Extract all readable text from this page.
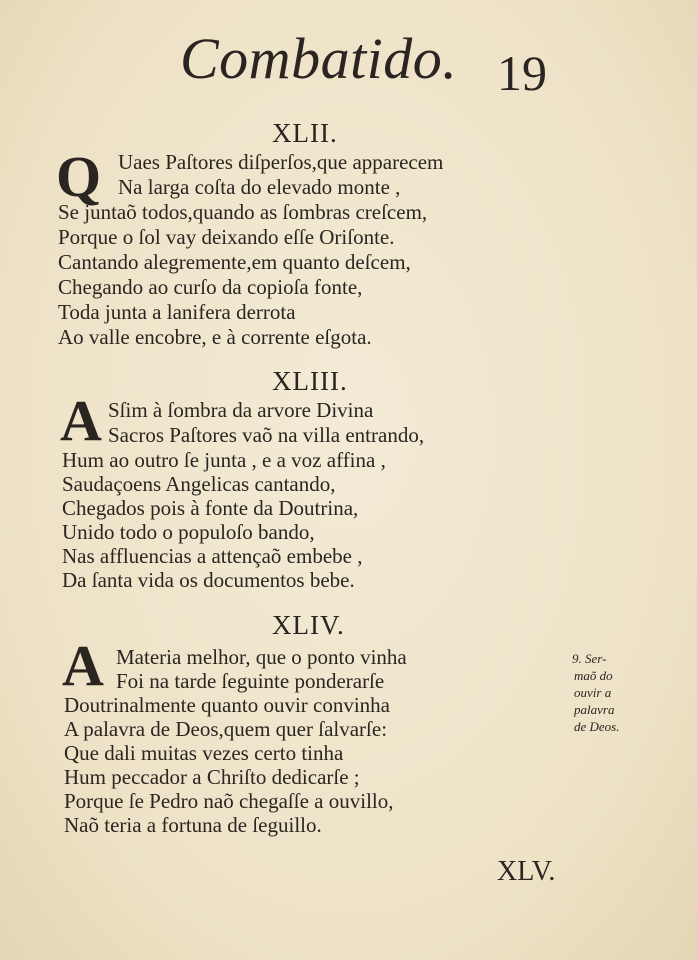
Combatido. 19
XLII.
Q Uaes Paſtores diſperſos,que apparecem
Na larga coſta do elevado monte ,
Se juntaõ todos,quando as ſombras creſcem,
Porque o ſol vay deixando eſſe Oriſonte.
Cantando alegremente,em quanto deſcem,
Chegando ao curſo da copioſa fonte,
Toda junta a lanifera derrota
Ao valle encobre, e à corrente eſgota.
XLIII.
A Sſim à ſombra da arvore Divina
Sacros Paſtores vaõ na villa entrando,
Hum ao outro ſe junta , e a voz affina ,
Saudaçoens Angelicas cantando,
Chegados pois à fonte da Doutrina,
Unido todo o populoſo bando,
Nas affluencias a attençaõ embebe ,
Da ſanta vida os documentos bebe.
XLIV.
A Materia melhor, que o ponto vinha
Foi na tarde ſeguinte ponderarſe
Doutrinalmente quanto ouvir convinha
A palavra de Deos,quem quer ſalvarſe:
Que dali muitas vezes certo tinha
Hum peccador a Chriſto dedicarſe ;
Porque ſe Pedro naõ chegaſſe a ouvillo,
Naõ teria a fortuna de ſeguillo.
9. Ser-
maõ do
ouvir a
palavra
de Deos.
XLV.
